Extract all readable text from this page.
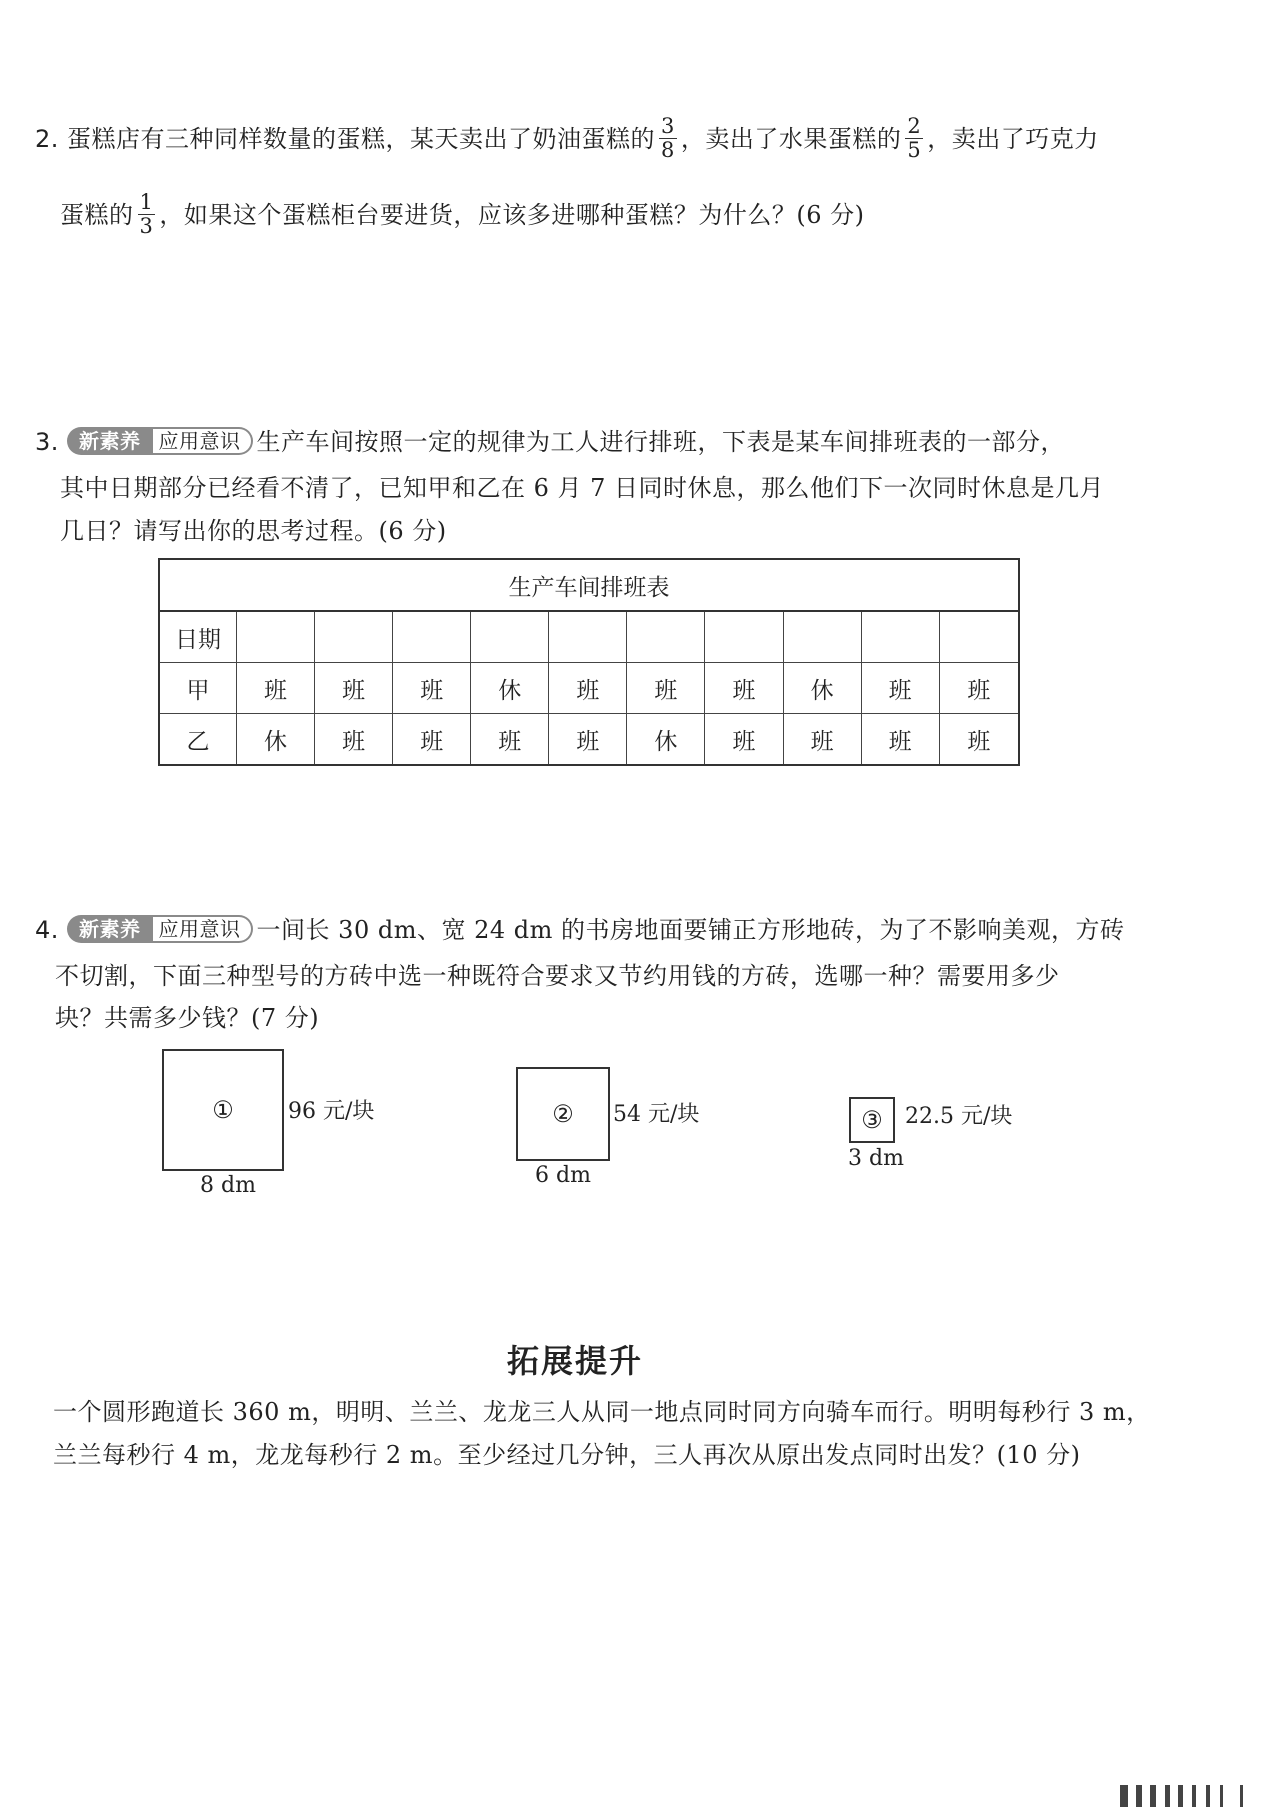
2. 蛋糕店有三种同样数量的蛋糕，某天卖出了奶油蛋糕的 $\frac{3}{8}$ ，卖出了水果蛋糕的 $\frac{2}{5}$ ，卖出了巧克力
蛋糕的 $\frac{1}{3}$ ，如果这个蛋糕柜台要进货，应该多进哪种蛋糕？为什么？(6 分)
3.	新素养 应用意识 生产车间按照一定的规律为工人进行排班，下表是某车间排班表的一部分，
其中日期部分已经看不清了，已知甲和乙在 6 月 7 日同时休息，那么他们下一次同时休息是几月
几日？请写出你的思考过程。(6 分)
生产车间排班表										
日期										
甲	班	班	班	休	班	班	班	休	班	班
乙	休	班	班	班	班	休	班	班	班	班
4.	新素养 应用意识 一间长 30 dm、宽 24 dm 的书房地面要铺正方形地砖，为了不影响美观，方砖
不切割，下面三种型号的方砖中选一种既符合要求又节约用钱的方砖，选哪一种？需要用多少
块？共需多少钱？(7 分)
① 96 元/块
8 dm
② 54 元/块
6 dm
③ 22.5 元/块
3 dm
拓展提升
一个圆形跑道长 360 m，明明、兰兰、龙龙三人从同一地点同时同方向骑车而行。明明每秒行 3 m，
兰兰每秒行 4 m，龙龙每秒行 2 m。至少经过几分钟，三人再次从原出发点同时出发？(10 分)
